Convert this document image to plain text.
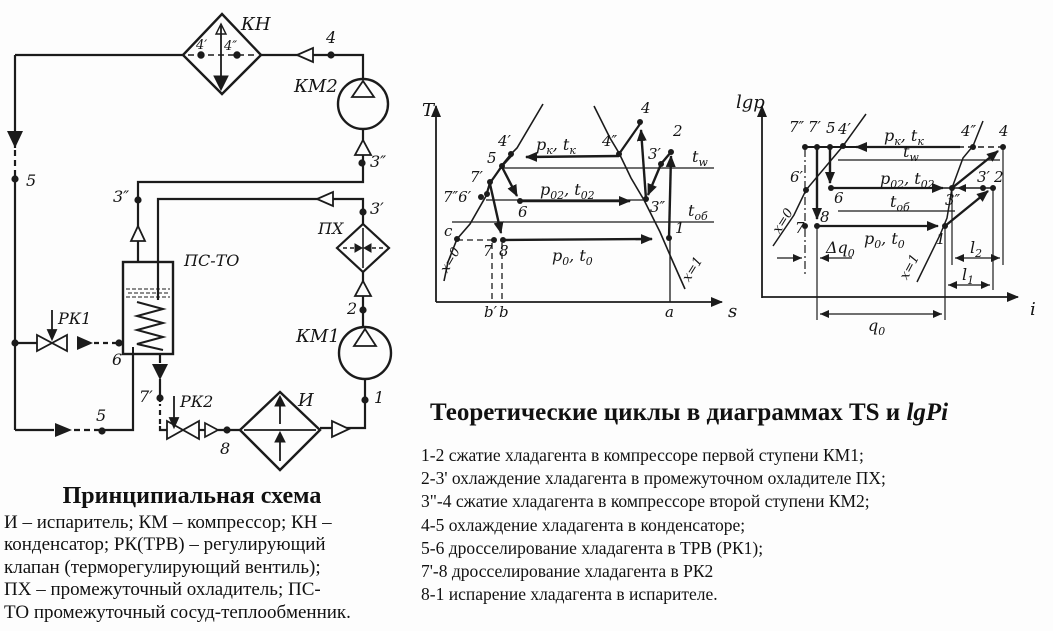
4′ 4″
КН
4
КМ2
3″
3″
3′
ПХ
2
КМ1
1
И
8
РК2
7′
ПС-ТО
6
РК1
5
5
T
s
4
4″
2
3′
3″
1
4′
5
7′
7″6′
c
7 8
6
$p_к$, $t_к$
$p_{02}$, $t_{02}$
$p_0$, $t_0$
$t_w$
$t_{об}$
x=0	x=1
b′ b	a
lgp
i
7″ 7′ 5 4′	4″ 4
6′
6	3″
3′ 2
7
8
1
$p_к$, $t_к$
$t_w$
$p_{02}$, $t_{02}$
$t_{об}$
$p_0$, $t_0$
$\Delta q_0$	$l_2$
$l_1$
$q_0$
x=0
x=1
Теоретические циклы в диаграммах TS и lgPi
1-2 сжатие хладагента в компрессоре первой ступени КМ1;
2-3' охлаждение хладагента в промежуточном охладителе ПХ;
3"-4 сжатие хладагента в компрессоре второй ступени КМ2;
4-5 охлаждение хладагента в конденсаторе;
5-6 дросселирование хладагента в ТРВ (РК1);
7'-8 дросселирование хладагента в РК2
8-1 испарение хладагента в испарителе.
Принципиальная схема
И – испаритель; КМ – компрессор; КН –
конденсатор; РК(ТРВ) – регулирующий
клапан (терморегулирующий вентиль);
ПХ – промежуточный охладитель; ПС-
ТО промежуточный сосуд-теплообменник.
